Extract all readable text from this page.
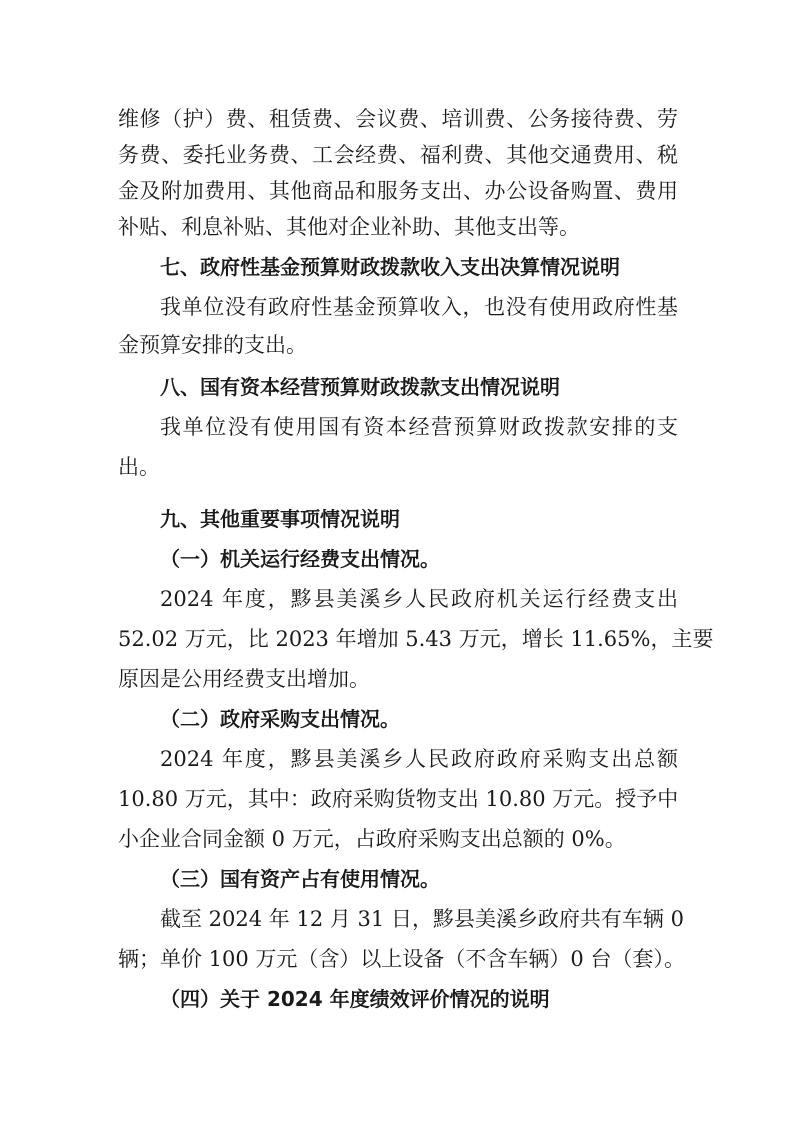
维修（护）费、租赁费、会议费、培训费、公务接待费、劳
务费、委托业务费、工会经费、福利费、其他交通费用、税
金及附加费用、其他商品和服务支出、办公设备购置、费用
补贴、利息补贴、其他对企业补助、其他支出等。
七、政府性基金预算财政拨款收入支出决算情况说明
我单位没有政府性基金预算收入，也没有使用政府性基
金预算安排的支出。
八、国有资本经营预算财政拨款支出情况说明
我单位没有使用国有资本经营预算财政拨款安排的支
出。
九、其他重要事项情况说明
（一）机关运行经费支出情况。
2024 年度，黟县美溪乡人民政府机关运行经费支出
52.02 万元，比 2023 年增加 5.43 万元，增长 11.65%，主要
原因是公用经费支出增加。
（二）政府采购支出情况。
2024 年度，黟县美溪乡人民政府政府采购支出总额
10.80 万元，其中：政府采购货物支出 10.80 万元。授予中
小企业合同金额 0 万元，占政府采购支出总额的 0%。
（三）国有资产占有使用情况。
截至 2024 年 12 月 31 日，黟县美溪乡政府共有车辆 0
辆；单价 100 万元（含）以上设备（不含车辆）0 台（套）。
（四）关于 2024 年度绩效评价情况的说明
